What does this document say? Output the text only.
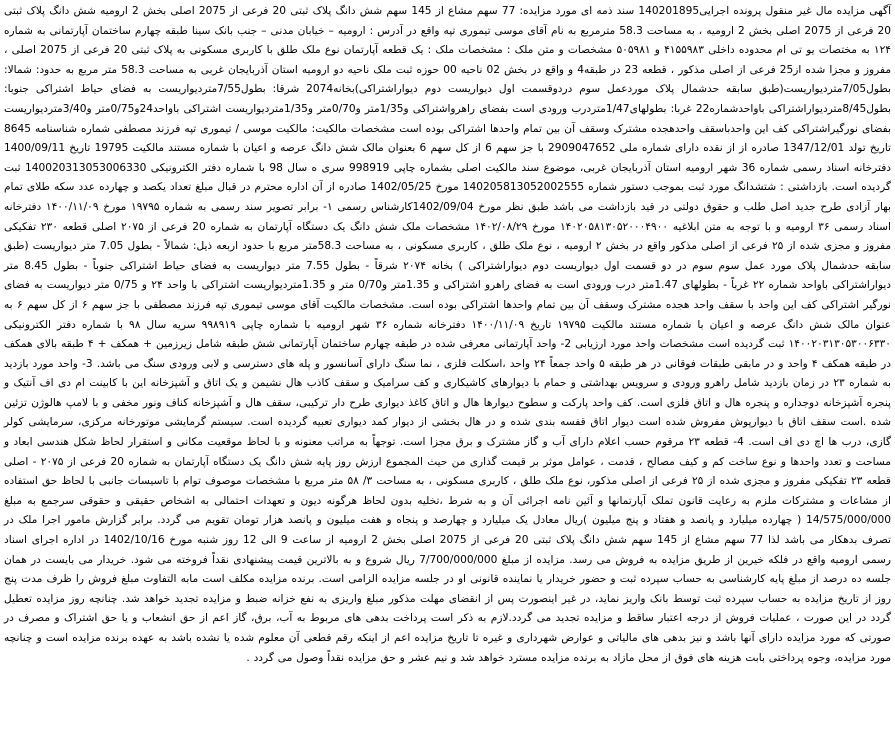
آگهی مزایده مال غیر منقول پرونده اجرایی140201895 سند ذمه ای مورد مزایده: 77 سهم مشاع از 145 سهم شش دانگ پلاک ثبتی 20 فرعی از 2075 اصلی بخش 2 ارومیه شش دانگ پلاک ثبتی 20 فرعی از 2075 اصلی بخش 2 ارومیه ، به مساحت 58.3 مترمربع به نام آقای موسی تیموری تپه واقع در آدرس : ارومیه – خیابان مدنی – جنب بانک سینا طبقه چهارم ساختمان آپارتمانی به شماره ۱۲۴ به مختصات یو تی ام محدوده داخلی ۴۱۵۵۹۸۳ و ۵۰۵۹۸۱ مشخصات و متن ملک : مشخصات ملک : یک قطعه آپارتمان نوع ملک طلق با کاربری مسکونی به پلاک ثبتی 20 فرعی از 2075 اصلی ، مفروز و مجزا شده از25 فرعی از اصلی مذکور ، قطعه 23 در طبقه4 و واقع در بخش 02 ناحیه 00 حوزه ثبت ملک ناحیه دو ارومیه استان آذربایجان غربی به مساحت 58.3 متر مربع به حدود: شمالا: بطول7/05متردیواریست(طبق سابقه حدشمال پلاک موردعمل سوم دردوقسمت اول دیواریست دوم دیواراشتراکی)بخانه2074 شرقا: بطول7/55متردیواریست به فضای حیاط اشتراکی جنوبا: بطول8/45متردیواراشتراکی باواحدشماره22 غربا: بطولهای1/47متردرب ورودی است بفضای راهرواشتراکی و1/35متر و0/70متر و1/35متردیواریست اشتراکی باواحد24و0/75متر و3/40متردیواریست بفضای نورگیراشتراکی کف این واحدباسقف واحدهجده مشترک وسقف آن بین تمام واحدها اشتراکی بوده است مشخصات مالکیت: مالکیت موسی / تیموری تپه فرزند مصطفی شماره شناسنامه 8645 تاریخ تولد 1347/12/01 صادره از از نقده دارای شماره ملی 2909047652 با جز سهم 6 از کل سهم 6 بعنوان مالک شش دانگ عرصه و اعیان با شماره مستند مالکیت 19795 تاریخ 1400/09/11 دفترخانه اسناد رسمی شماره 36 شهر ارومیه استان آذربایجان غربی، موضوع سند مالکیت اصلی بشماره چاپی 998919 سری ه سال 98 با شماره دفتر الکترونیکی 140020313053006330 ثبت گردیده است. بازداشتی : شتشدانگ مورد ثبت بموجب دستور شماره 140205813052002555 مورخ 1402/05/25 صادره از آن اداره محترم در قبال مبلغ تعداد یکصد و چهارده عدد سکه طلای تمام بهار آزادی طرح جدید اصل طلب و حقوق دولتی در قید بازداشت می باشد طبق نظر مورخ 1402/09/04کارشناس رسمی ۱- برابر تصویر سند رسمی به شماره ۱۹۷۹۵ مورخ ۱۴۰۰/۱۱/۰۹ دفترخانه اسناد رسمی ۳۶ ارومیه و با توجه به متن ابلاغیه ۱۴۰۲۰۵۸۱۳۰۵۲۰۰۰۴۹۰۰ مورخ ۱۴۰۲/۰۸/۲۹ مشخصات ملک شش دانگ یک دستگاه آپارتمان به شماره 20 فرعی از ۲۰۷۵ اصلی قطعه ۲۳۰ تفکیکی مفروز و مجزی شده از ۲۵ فرعی از اصلی مذکور واقع در بخش ۲ ارومیه ، نوع ملک طلق ، کاربری مسکونی ، به مساحت 58.3متر مربع با حدود اربعه ذیل: شمالاً - بطول 7.05 متر دیواریست (طبق سابقه حدشمال پلاک مورد عمل سوم سوم در دو قسمت اول دیواریست دوم دیواراشتراکی ) بخانه ۲۰۷۴ شرقاً - بطول 7.55 متر دیواریست به فضای حیاط اشتراکی جنوباً - بطول 8.45 متر دیواراشتراکی باواحد شماره ۲۲ غرباً - بطولهای 1.47متر درب ورودی است به فضای راهرو اشتراکی و 1.35متر و0/70 متر و 1.35متردیواریست اشتراکی با واحد ۲۴ و 0/75 متر دیواریست به فضای نورگیر اشتراکی کف این واحد با سقف واحد هجده مشترک وسقف آن بین تمام واحدها اشتراکی بوده است. مشخصات مالکیت آقای موسی تیموری تپه فرزند مصطفی با جز سهم ۶ از کل سهم ۶ به عنوان مالک شش دانگ عرصه و اعیان با شماره مستند مالکیت ۱۹۷۹۵ تاریخ ۱۴۰۰/۱۱/۰۹ دفترخانه شماره ۳۶ شهر ارومیه با شماره چاپی ۹۹۸۹۱۹ سریه سال ۹۸ با شماره دفتر الکترونیکی ۱۴۰۰۲۰۳۱۳۰۵۳۰۰۶۳۳۰ ثبت گردیده است مشخصات واحد مورد ارزیابی 2- واحد آپارتمانی معرفی شده در طبقه چهارم ساختمان آپارتمانی شش طبقه شامل زیرزمین + همکف + ۴ طبقه بالای همکف در طبقه همکف ۴ واحد و در مابقی طبقات فوقانی در هر طبقه ۵ واحد جمعاً ۲۴ واحد ،اسکلت فلزی ، نما سنگ دارای آسانسور و پله های دسترسی و لابی ورودی سنگ می باشد. 3- واحد مورد بازدید به شماره ۲۳ در زمان بازدید شامل راهرو ورودی و سرویس بهداشتی و حمام با دیوارهای کاشیکاری و کف سرامیک و سقف کاذب هال نشیمن و یک اتاق و آشپزخانه این با کابینت ام دی اف آنتیک و پنجره آشپزخانه دوجداره و پنجره هال و اتاق فلزی است. کف واحد پارکت و سطوح دیوارها هال و اتاق کاغذ دیواری طرح دار ترکیبی، سقف هال و آشپزخانه کناف ونور مخفی و با لامپ هالوژن تزئین شده .است سقف اتاق با دیوارپوش مفروش شده است دیوار اتاق قفسه بندی شده و در هال بخشی از دیوار کمد دیواری تعبیه گردیده است. سیستم گرمایشی موتورخانه مرکزی، سرمایشی کولر گازی، درب ها اچ دی اف است. 4- قطعه ۲۳ مرقوم حسب اعلام دارای آب و گاز مشترک و برق مجزا است. توجهاً به مراتب معنونه و با لحاظ موقعیت مکانی و استقرار لحاظ شکل هندسی ابعاد و مساحت و تعدد واحدها و نوع ساخت کم و کیف مصالح ، قدمت ، عوامل موثر بر قیمت گذاری من حیث المجموع ارزش روز پایه شش دانگ یک دستگاه آپارتمان به شماره 20 فرعی از ۲۰۷۵ - اصلی قطعه ۲۳ تفکیکی مفروز و مجزی شده از ۲۵ فرعی از اصلی مذکور، نوع ملک طلق ، کاربری مسکونی ، به مساحت ۳/ ۵۸ متر مربع با مشخصات موصوف توام با تاسیسات جانبی با لحاظ حق استفاده از مشاعات و مشترکات ملزم به رعایت قانون تملک آپارتمانها و آئین نامه اجرائی آن و به شرط ،تخلیه بدون لحاظ هرگونه دیون و تعهدات احتمالی به اشخاص حقیقی و حقوقی سرجمع به مبلغ 14/575/000/000 ( چهارده میلیارد و پانصد و هفتاد و پنج میلیون )ریال معادل یک میلیارد و چهارصد و پنجاه و هفت میلیون و پانصد هزار تومان تقویم می گردد. برابر گزارش مامور اجرا ملک در تصرف بدهکار می باشد لذا 77 سهم مشاع از 145 سهم شش دانگ پلاک ثبتی 20 فرعی از 2075 اصلی بخش 2 ارومیه از ساعت 9 الی 12 روز شنبه مورخ 1402/10/16 در اداره اجرای اسناد رسمی ارومیه واقع در فلکه خیرین از طریق مزایده به فروش می رسد. مزایده از مبلغ 7/700/000/000 ریال شروع و به بالاترین قیمت پیشنهادی نقداً فروخته می شود. خریدار می بایست در همان جلسه ده درصد از مبلغ پایه کارشناسی به حساب سپرده ثبت و حضور خریدار یا نماینده قانونی او در جلسه مزایده الزامی است. برنده مزایده مکلف است مابه التفاوت مبلغ فروش را ظرف مدت پنج روز از تاریخ مزایده به حساب سپرده ثبت توسط بانک واریز نماید، در غیر اینصورت پس از انقضای مهلت مذکور مبلغ واریزی به نفع خزانه ضبط و مزایده تجدید خواهد شد. چنانچه روز مزایده تعطیل گردد در این صورت ، عملیات فروش از درجه اعتبار ساقط و مزایده تجدید می گردد.لازم به ذکر است پرداخت بدهی های مربوط به آب، برق، گاز اعم از حق انشعاب و یا حق اشتراک و مصرف در صورتی که مورد مزایده دارای آنها باشد و نیز بدهی های مالیاتی و عوارض شهرداری و غیره تا تاریخ مزایده اعم از اینکه رقم قطعی آن معلوم شده یا نشده باشد به عهده برنده مزایده است و چنانچه مورد مزایده، وجوه پرداختی بابت هزینه های فوق از محل مازاد به برنده مزایده مسترد خواهد شد و نیم عشر و حق مزایده نقداً وصول می گردد .
